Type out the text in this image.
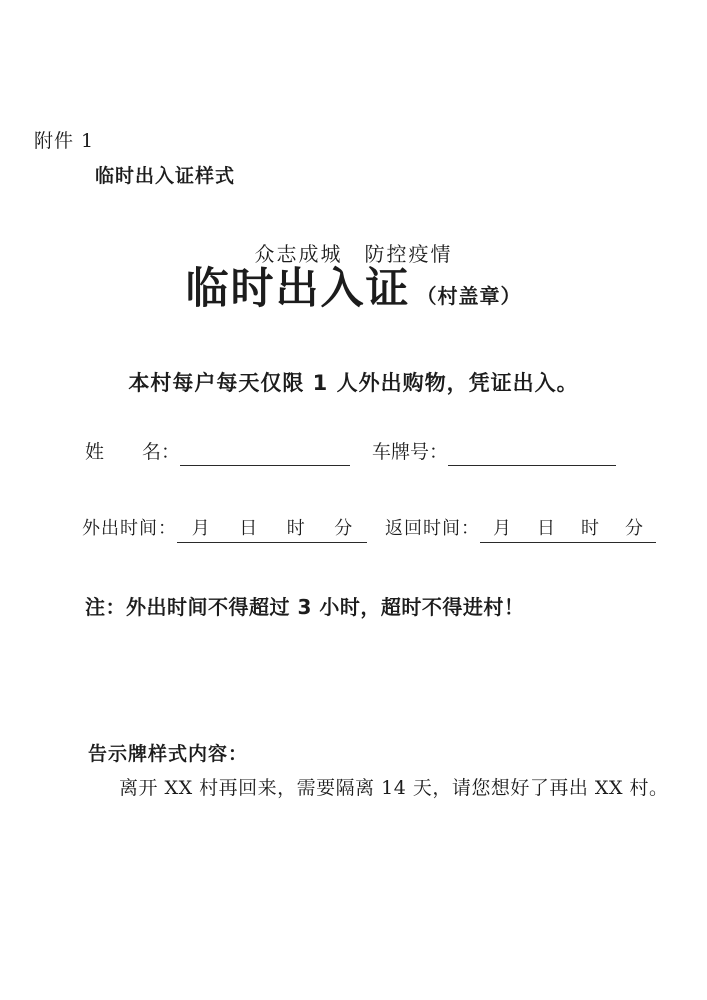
附件 1
临时出入证样式
众志成城　防控疫情
临时出入证 （村盖章）
本村每户每天仅限 1 人外出购物，凭证出入。
姓　　名：	车牌号：
外出时间： 月 日 时 分 返回时间： 月 日 时 分
注：外出时间不得超过 3 小时，超时不得进村！
告示牌样式内容：
离开 XX 村再回来，需要隔离 14 天，请您想好了再出 XX 村。
